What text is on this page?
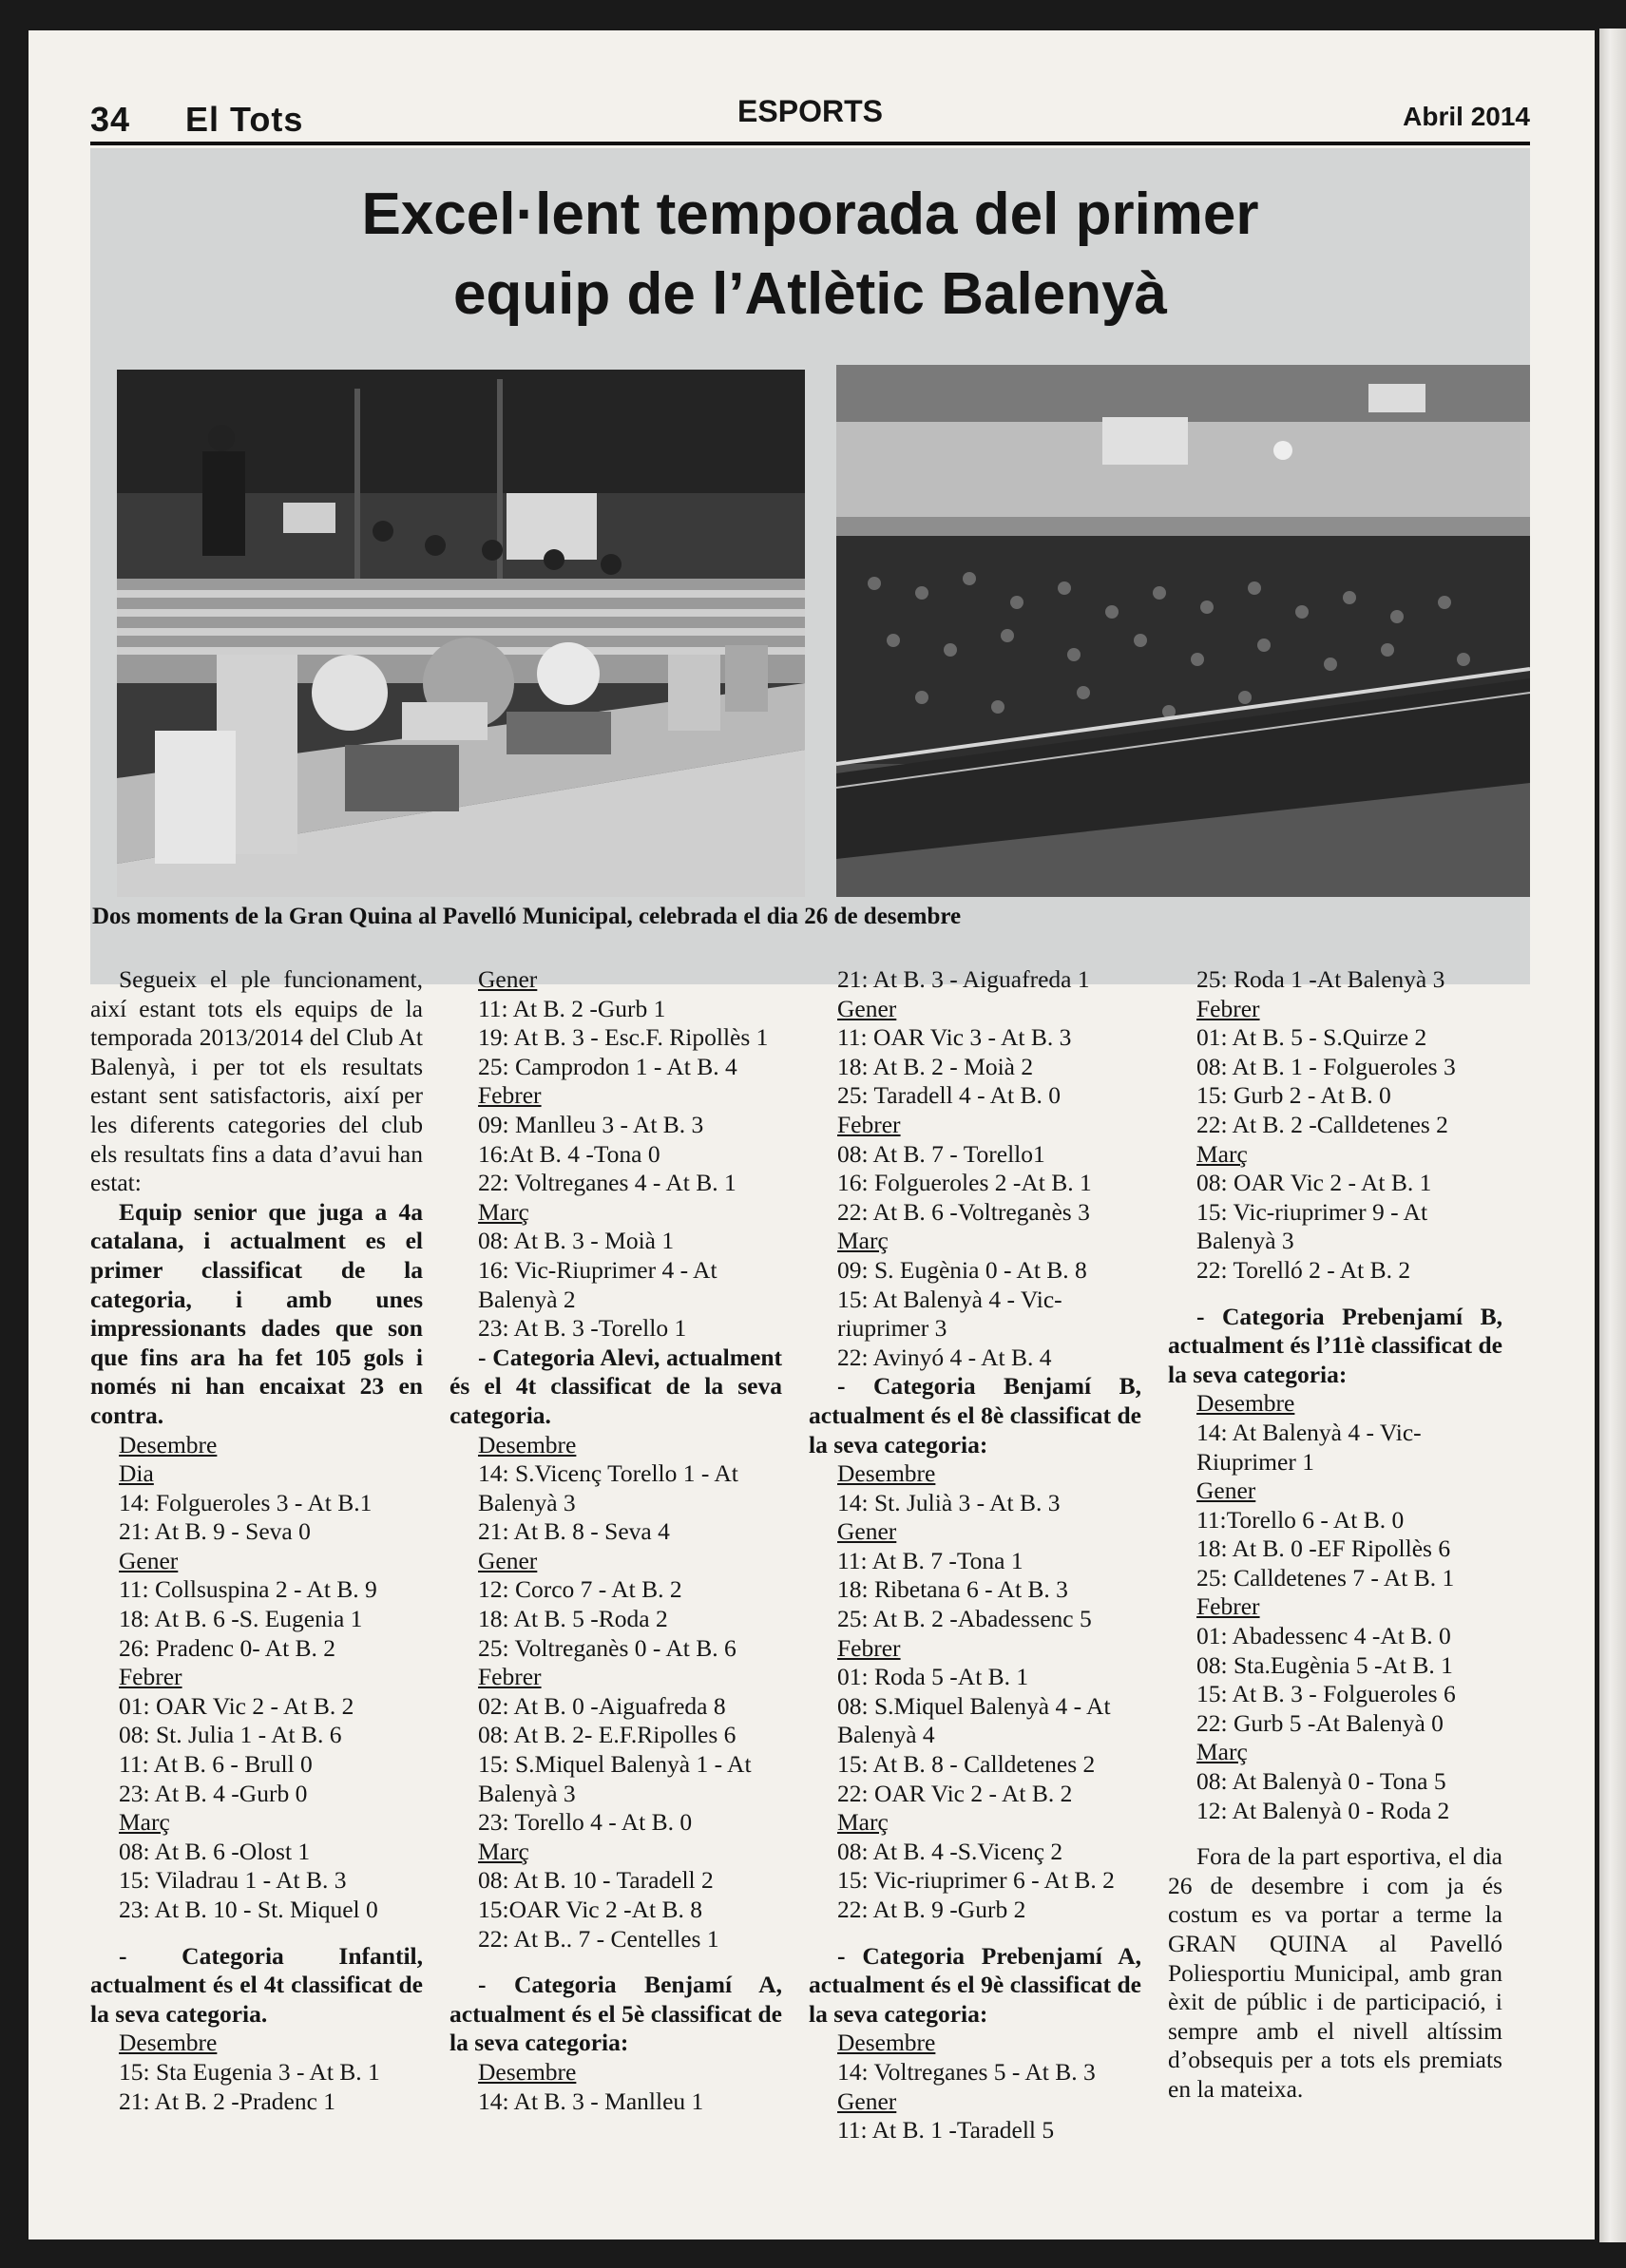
34 El Tots	ESPORTS	Abril 2014
Excel·lent temporada del primer
equip de l’Atlètic Balenyà
Dos moments de la Gran Quina al Pavelló Municipal, celebrada el dia 26 de desembre

Segueix el ple funcionament, així estant tots els equips de la temporada 2013/2014 del Club At Balenyà, i per tot els resultats estant sent satisfactoris, així per les diferents categories del club els resultats fins a data d’avui han estat:

Equip senior que juga a 4a catalana, i actualment es el primer classificat de la categoria, i amb unes impressionants dades que son que fins ara ha fet 105 gols i només ni han encaixat 23 en contra.

Desembre

Dia

14: Folgueroles 3 - At B.1

21: At B. 9 - Seva 0

Gener

11: Collsuspina 2 - At B. 9

18: At B. 6 -S. Eugenia 1

26: Pradenc 0- At B. 2

Febrer

01: OAR Vic 2 - At B. 2

08: St. Julia 1 - At B. 6

11: At B. 6 - Brull 0

23: At B. 4 -Gurb 0

Març

08: At B. 6 -Olost 1

15: Viladrau 1 - At B. 3

23: At B. 10 - St. Miquel 0

- Categoria Infantil, actualment és el 4t classificat de la seva categoria.

Desembre

15: Sta Eugenia 3 - At B. 1

21: At B. 2 -Pradenc 1

Gener

11: At B. 2 -Gurb 1

19: At B. 3 - Esc.F. Ripollès 1

25: Camprodon 1 - At B. 4

Febrer

09: Manlleu 3 - At B. 3

16:At B. 4 -Tona 0

22: Voltreganes 4 - At B. 1

Març

08: At B. 3 - Moià 1

16: Vic-Riuprimer 4 - At Balenyà 2

23: At B. 3 -Torello 1

- Categoria Alevi, actualment és el 4t classificat de la seva categoria.

Desembre

14: S.Vicenç Torello 1 - At Balenyà 3

21: At B. 8 - Seva 4

Gener

12: Corco 7 - At B. 2

18: At B. 5 -Roda 2

25: Voltreganès 0 - At B. 6

Febrer

02: At B. 0 -Aiguafreda 8

08: At B. 2- E.F.Ripolles 6

15: S.Miquel Balenyà 1 - At Balenyà 3

23: Torello 4 - At B. 0

Març

08: At B. 10 - Taradell 2

15:OAR Vic 2 -At B. 8

22: At B.. 7 - Centelles 1

- Categoria Benjamí A, actualment és el 5è classificat de la seva categoria:

Desembre

14: At B. 3 - Manlleu 1

21: At B. 3 - Aiguafreda 1

Gener

11: OAR Vic 3 - At B. 3

18: At B. 2 - Moià 2

25: Taradell 4 - At B. 0

Febrer

08: At B. 7 - Torello1

16: Folgueroles 2 -At B. 1

22: At B. 6 -Voltreganès 3

Març

09: S. Eugènia 0 - At B. 8

15: At Balenyà 4 - Vic-riuprimer 3

22: Avinyó 4 - At B. 4

- Categoria Benjamí B, actualment és el 8è classificat de la seva categoria:

Desembre

14: St. Julià 3 - At B. 3

Gener

11: At B. 7 -Tona 1

18: Ribetana 6 - At B. 3

25: At B. 2 -Abadessenc 5

Febrer

01: Roda 5 -At B. 1

08: S.Miquel Balenyà 4 - At Balenyà 4

15: At B. 8 - Calldetenes 2

22: OAR Vic 2 - At B. 2

Març

08: At B. 4 -S.Vicenç 2

15: Vic-riuprimer 6 - At B. 2

22: At B. 9 -Gurb 2

- Categoria Prebenjamí A, actualment és el 9è classificat de la seva categoria:

Desembre

14: Voltreganes 5 - At B. 3

Gener

11: At B. 1 -Taradell 5

25: Roda 1 -At Balenyà 3

Febrer

01: At B. 5 - S.Quirze 2

08: At B. 1 - Folgueroles 3

15: Gurb 2 - At B. 0

22: At B. 2 -Calldetenes 2

Març

08: OAR Vic 2 - At B. 1

15: Vic-riuprimer 9 - At Balenyà 3

22: Torelló 2 - At B. 2

- Categoria Prebenjamí B, actualment és l’11è classificat de la seva categoria:

Desembre

14: At Balenyà 4 - Vic-Riuprimer 1

Gener

11:Torello 6 - At B. 0

18: At B. 0 -EF Ripollès 6

25: Calldetenes 7 - At B. 1

Febrer

01: Abadessenc 4 -At B. 0

08: Sta.Eugènia 5 -At B. 1

15: At B. 3 - Folgueroles 6

22: Gurb 5 -At Balenyà 0

Març

08: At Balenyà 0 - Tona 5

12: At Balenyà 0 - Roda 2

Fora de la part esportiva, el dia 26 de desembre i com ja és costum es va portar a terme la GRAN QUINA al Pavelló Poliesportiu Municipal, amb gran èxit de públic i de participació, i sempre amb el nivell altíssim d’obsequis per a tots els premiats en la mateixa.
